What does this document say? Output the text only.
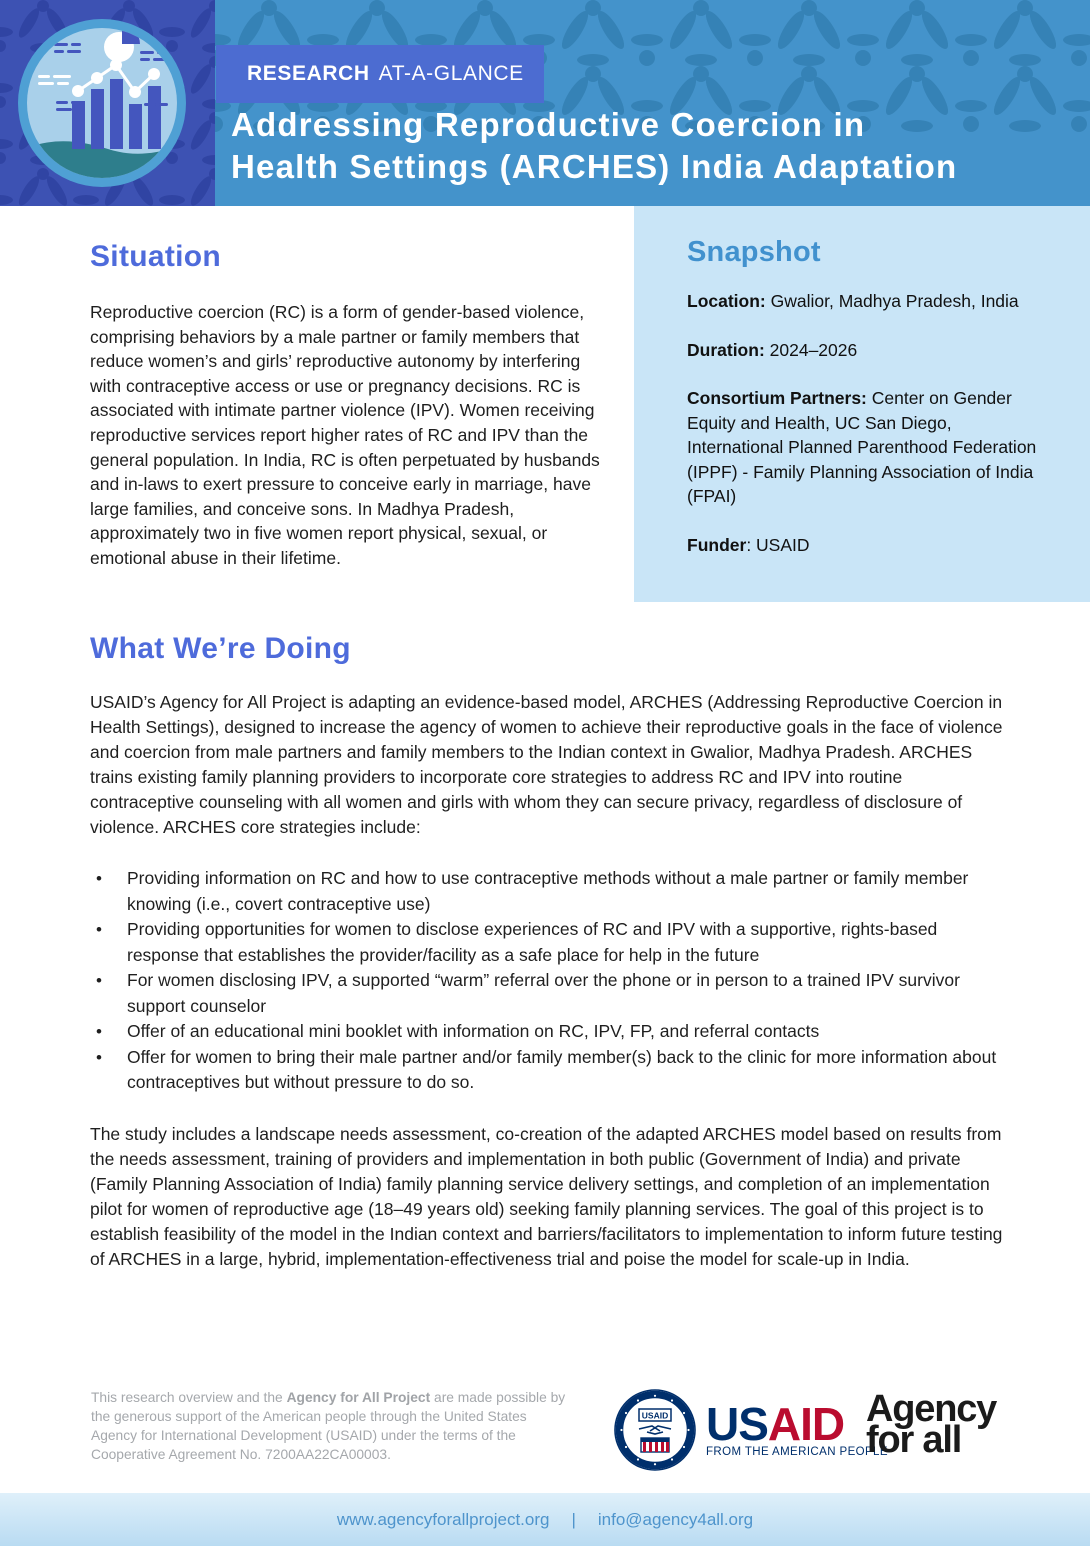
RESEARCH AT-A-GLANCE
Addressing Reproductive Coercion in
Health Settings (ARCHES) India Adaptation
Snapshot
Location: Gwalior, Madhya Pradesh, India
Duration: 2024–2026
Consortium Partners: Center on Gender Equity and Health, UC San Diego, International Planned Parenthood Federation (IPPF) - Family Planning Association of India (FPAI)
Funder: USAID
Situation

Reproductive coercion (RC) is a form of gender-based violence, comprising behaviors by a male partner or family members that reduce women’s and girls’ reproductive autonomy by interfering with contraceptive access or use or pregnancy decisions. RC is associated with intimate partner violence (IPV). Women receiving reproductive services report higher rates of RC and IPV than the general population. In India, RC is often perpetuated by husbands and in-laws to exert pressure to conceive early in marriage, have large families, and conceive sons. In Madhya Pradesh, approximately two in five women report physical, sexual, or emotional abuse in their lifetime.

What We’re Doing

USAID’s Agency for All Project is adapting an evidence-based model, ARCHES (Addressing Reproductive Coercion in Health Settings), designed to increase the agency of women to achieve their reproductive goals in the face of violence and coercion from male partners and family members to the Indian context in Gwalior, Madhya Pradesh. ARCHES trains existing family planning providers to incorporate core strategies to address RC and IPV into routine contraceptive counseling with all women and girls with whom they can secure privacy, regardless of disclosure of violence. ARCHES core strategies include:

• Providing information on RC and how to use contraceptive methods without a male partner or family member knowing (i.e., covert contraceptive use)
• Providing opportunities for women to disclose experiences of RC and IPV with a supportive, rights-based response that establishes the provider/facility as a safe place for help in the future
• For women disclosing IPV, a supported “warm” referral over the phone or in person to a trained IPV survivor support counselor
• Offer of an educational mini booklet with information on RC, IPV, FP, and referral contacts
• Offer for women to bring their male partner and/or family member(s) back to the clinic for more information about contraceptives but without pressure to do so.

The study includes a landscape needs assessment, co-creation of the adapted ARCHES model based on results from the needs assessment, training of providers and implementation in both public (Government of India) and private (Family Planning Association of India) family planning service delivery settings, and completion of an implementation pilot for women of reproductive age (18–49 years old) seeking family planning services. The goal of this project is to establish feasibility of the model in the Indian context and barriers/facilitators to implementation to inform future testing of ARCHES in a large, hybrid, implementation-effectiveness trial and poise the model for scale-up in India.

This research overview and the Agency for All Project are made possible by the generous support of the American people through the United States Agency for International Development (USAID) under the terms of the Cooperative Agreement No. 7200AA22CA00003.

USAID USAID
FROM THE AMERICAN PEOPLE
Agency
for all
www.agencyforallproject.org | info@agency4all.org
